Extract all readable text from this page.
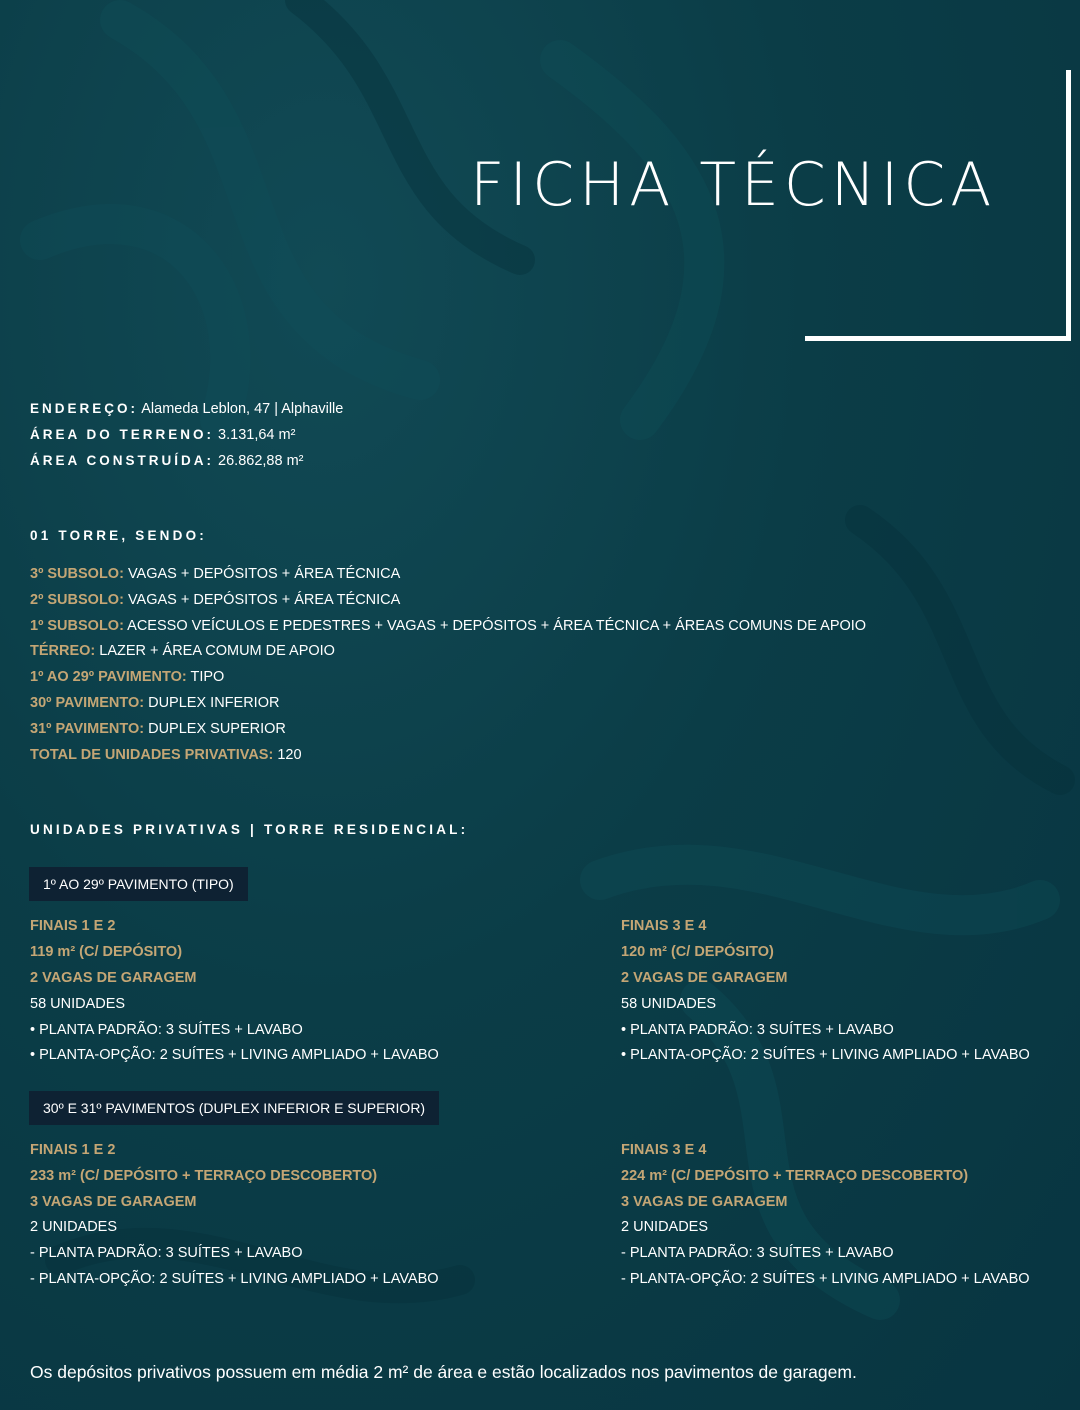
FICHA TÉCNICA
ENDEREÇO: Alameda Leblon, 47 | Alphaville
ÁREA DO TERRENO: 3.131,64 m²
ÁREA CONSTRUÍDA: 26.862,88 m²
01 TORRE, SENDO:
3º SUBSOLO: VAGAS + DEPÓSITOS + ÁREA TÉCNICA
2º SUBSOLO: VAGAS + DEPÓSITOS + ÁREA TÉCNICA
1º SUBSOLO: ACESSO VEÍCULOS E PEDESTRES + VAGAS + DEPÓSITOS + ÁREA TÉCNICA + ÁREAS COMUNS DE APOIO
TÉRREO: LAZER + ÁREA COMUM DE APOIO
1º AO 29º PAVIMENTO: TIPO
30º PAVIMENTO: DUPLEX INFERIOR
31º PAVIMENTO: DUPLEX SUPERIOR
TOTAL DE UNIDADES PRIVATIVAS: 120
UNIDADES PRIVATIVAS | TORRE RESIDENCIAL:
1º AO 29º PAVIMENTO (TIPO)
FINAIS 1 E 2
119 m² (C/ DEPÓSITO)
2 VAGAS DE GARAGEM
58 UNIDADES
• PLANTA PADRÃO: 3 SUÍTES + LAVABO
• PLANTA-OPÇÃO: 2 SUÍTES + LIVING AMPLIADO + LAVABO
FINAIS 3 E 4
120 m² (C/ DEPÓSITO)
2 VAGAS DE GARAGEM
58 UNIDADES
• PLANTA PADRÃO: 3 SUÍTES + LAVABO
• PLANTA-OPÇÃO: 2 SUÍTES + LIVING AMPLIADO + LAVABO
30º E 31º PAVIMENTOS (DUPLEX INFERIOR E SUPERIOR)
FINAIS 1 E 2
233 m² (C/ DEPÓSITO + TERRAÇO DESCOBERTO)
3 VAGAS DE GARAGEM
2 UNIDADES
- PLANTA PADRÃO: 3 SUÍTES + LAVABO
- PLANTA-OPÇÃO: 2 SUÍTES + LIVING AMPLIADO + LAVABO
FINAIS 3 E 4
224 m² (C/ DEPÓSITO + TERRAÇO DESCOBERTO)
3 VAGAS DE GARAGEM
2 UNIDADES
- PLANTA PADRÃO: 3 SUÍTES + LAVABO
- PLANTA-OPÇÃO: 2 SUÍTES + LIVING AMPLIADO + LAVABO
Os depósitos privativos possuem em média 2 m² de área e estão localizados nos pavimentos de garagem.
